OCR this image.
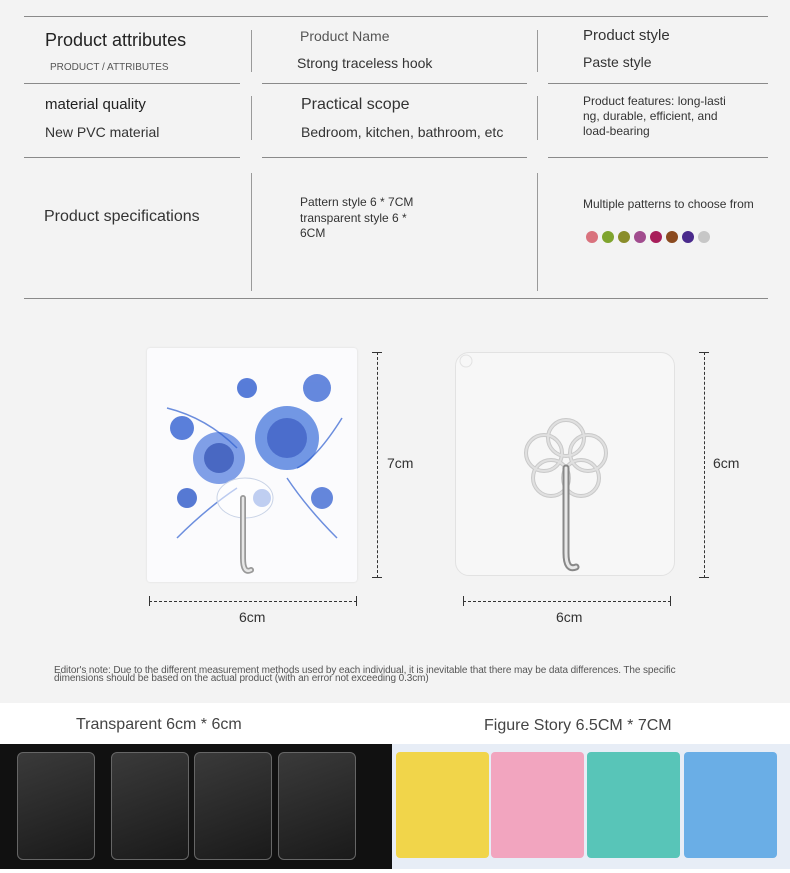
Product attributes
PRODUCT / ATTRIBUTES
Product Name
Strong traceless hook
Product style
Paste style
material quality
New PVC material
Practical scope
Bedroom, kitchen, bathroom, etc
Product features: long-lasti
ng, durable, efficient, and
load-bearing
Product specifications
Pattern style 6 * 7CM
transparent style 6 *
6CM
Multiple patterns to choose from
7cm
6cm
6cm
6cm
Editor's note: Due to the different measurement methods used by each individual, it is inevitable that there may be data differences. The specific
dimensions should be based on the actual product (with an error not exceeding 0.3cm)
Transparent 6cm * 6cm	Figure Story 6.5CM * 7CM
